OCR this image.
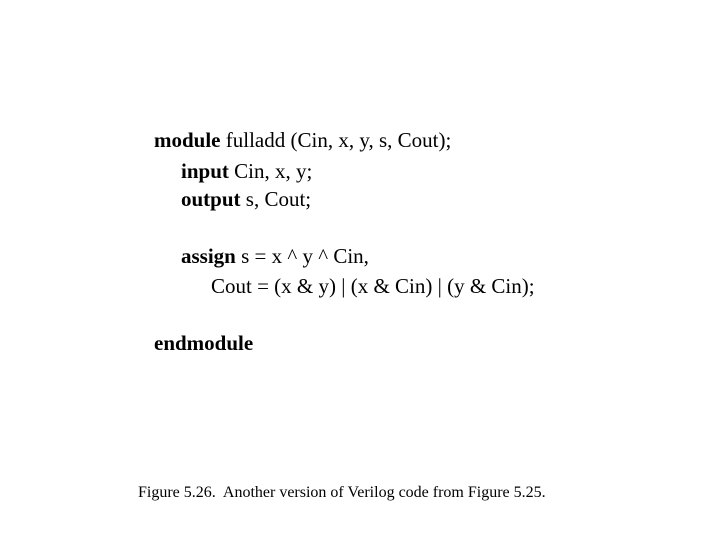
module fulladd (Cin, x, y, s, Cout);
input Cin, x, y;
output s, Cout;
assign s = x ^ y ^ Cin,
Cout = (x & y) | (x & Cin) | (y & Cin);
endmodule
Figure 5.26.  Another version of Verilog code from Figure 5.25.
